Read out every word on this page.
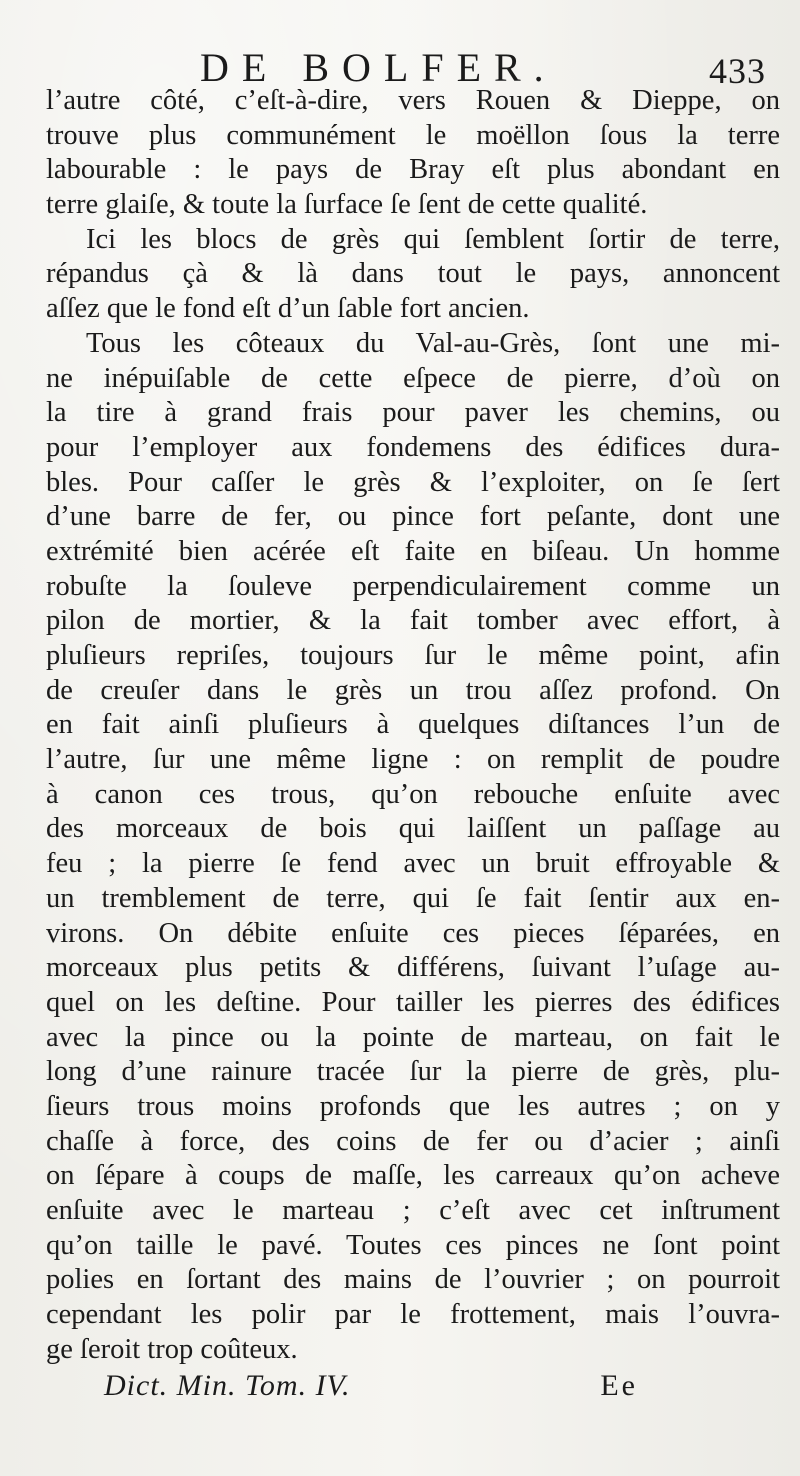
DE BOLFER.	433
l’autre côté, c’eſt-à-dire, vers Rouen & Dieppe, on
trouve plus communément le moëllon ſous la terre
labourable : le pays de Bray eſt plus abondant en
terre glaiſe, & toute la ſurface ſe ſent de cette qualité.
Ici les blocs de grès qui ſemblent ſortir de terre,
répandus çà & là dans tout le pays, annoncent
aſſez que le fond eſt d’un ſable fort ancien.
Tous les côteaux du Val-au-Grès, ſont une mi-
ne inépuiſable de cette eſpece de pierre, d’où on
la tire à grand frais pour paver les chemins, ou
pour l’employer aux fondemens des édifices dura-
bles. Pour caſſer le grès & l’exploiter, on ſe ſert
d’une barre de fer, ou pince fort peſante, dont une
extrémité bien acérée eſt faite en biſeau. Un homme
robuſte la ſouleve perpendiculairement comme un
pilon de mortier, & la fait tomber avec effort, à
pluſieurs repriſes, toujours ſur le même point, afin
de creuſer dans le grès un trou aſſez profond. On
en fait ainſi pluſieurs à quelques diſtances l’un de
l’autre, ſur une même ligne : on remplit de poudre
à canon ces trous, qu’on rebouche enſuite avec
des morceaux de bois qui laiſſent un paſſage au
feu ; la pierre ſe fend avec un bruit effroyable &
un tremblement de terre, qui ſe fait ſentir aux en-
virons. On débite enſuite ces pieces ſéparées, en
morceaux plus petits & différens, ſuivant l’uſage au-
quel on les deſtine. Pour tailler les pierres des édifices
avec la pince ou la pointe de marteau, on fait le
long d’une rainure tracée ſur la pierre de grès, plu-
ſieurs trous moins profonds que les autres ; on y
chaſſe à force, des coins de fer ou d’acier ; ainſi
on ſépare à coups de maſſe, les carreaux qu’on acheve
enſuite avec le marteau ; c’eſt avec cet inſtrument
qu’on taille le pavé. Toutes ces pinces ne ſont point
polies en ſortant des mains de l’ouvrier ; on pourroit
cependant les polir par le frottement, mais l’ouvra-
ge ſeroit trop coûteux.
Dict. Min. Tom. IV.	Ee
